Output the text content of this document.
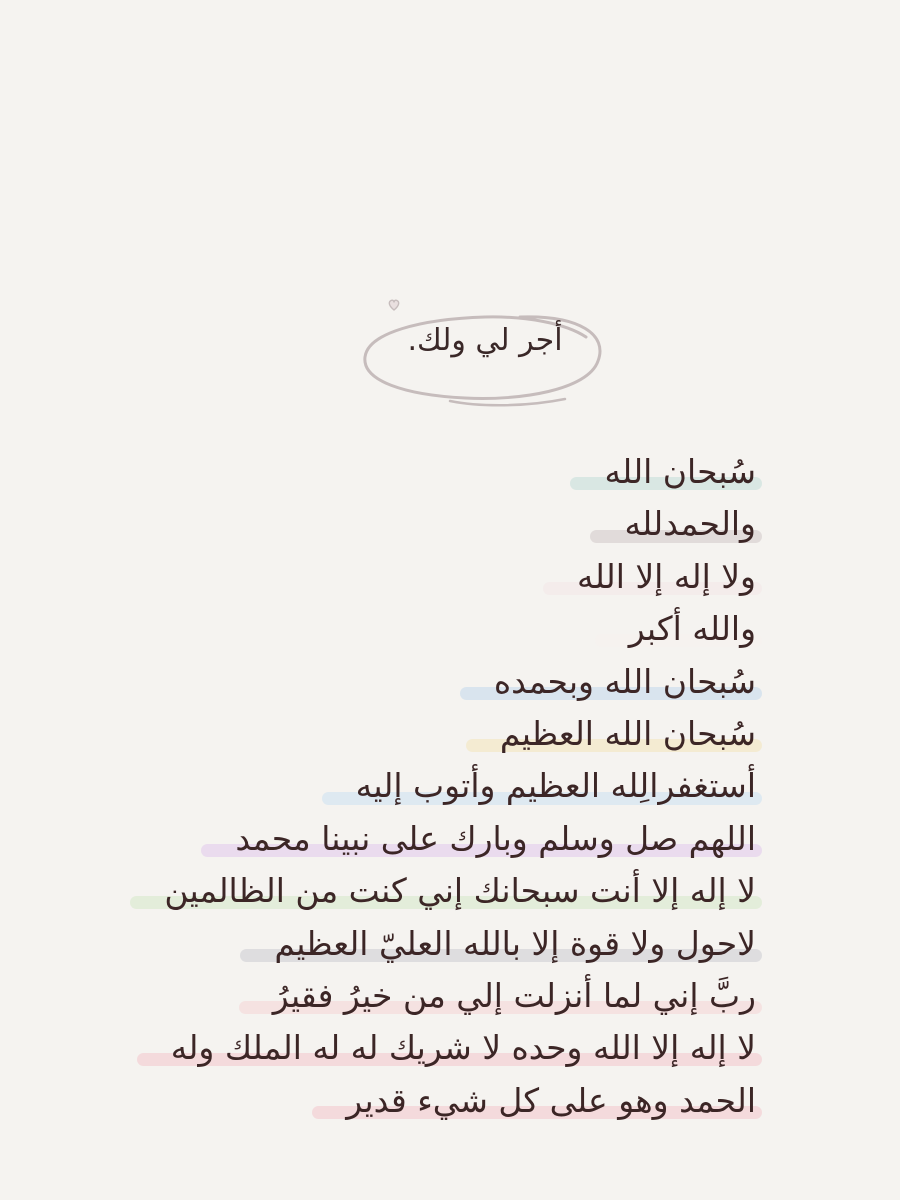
أجر لي ولك.
سُبحان الله
والحمدلله
ولا إله إلا الله
والله أكبر
سُبحان الله وبحمده
سُبحان الله العظيم
أستغفرالِله العظيم وأتوب إليه
اللهم صل وسلم وبارك على نبينا محمد
لا إله إلا أنت سبحانك إني كنت من الظالمين
لاحول ولا قوة إلا بالله العليّ العظيم
ربَّ إني لما أنزلت إلي من خيرُ فقيرُ
لا إله إلا الله وحده لا شريك له له الملك وله
الحمد وهو على كل شيء قدير
